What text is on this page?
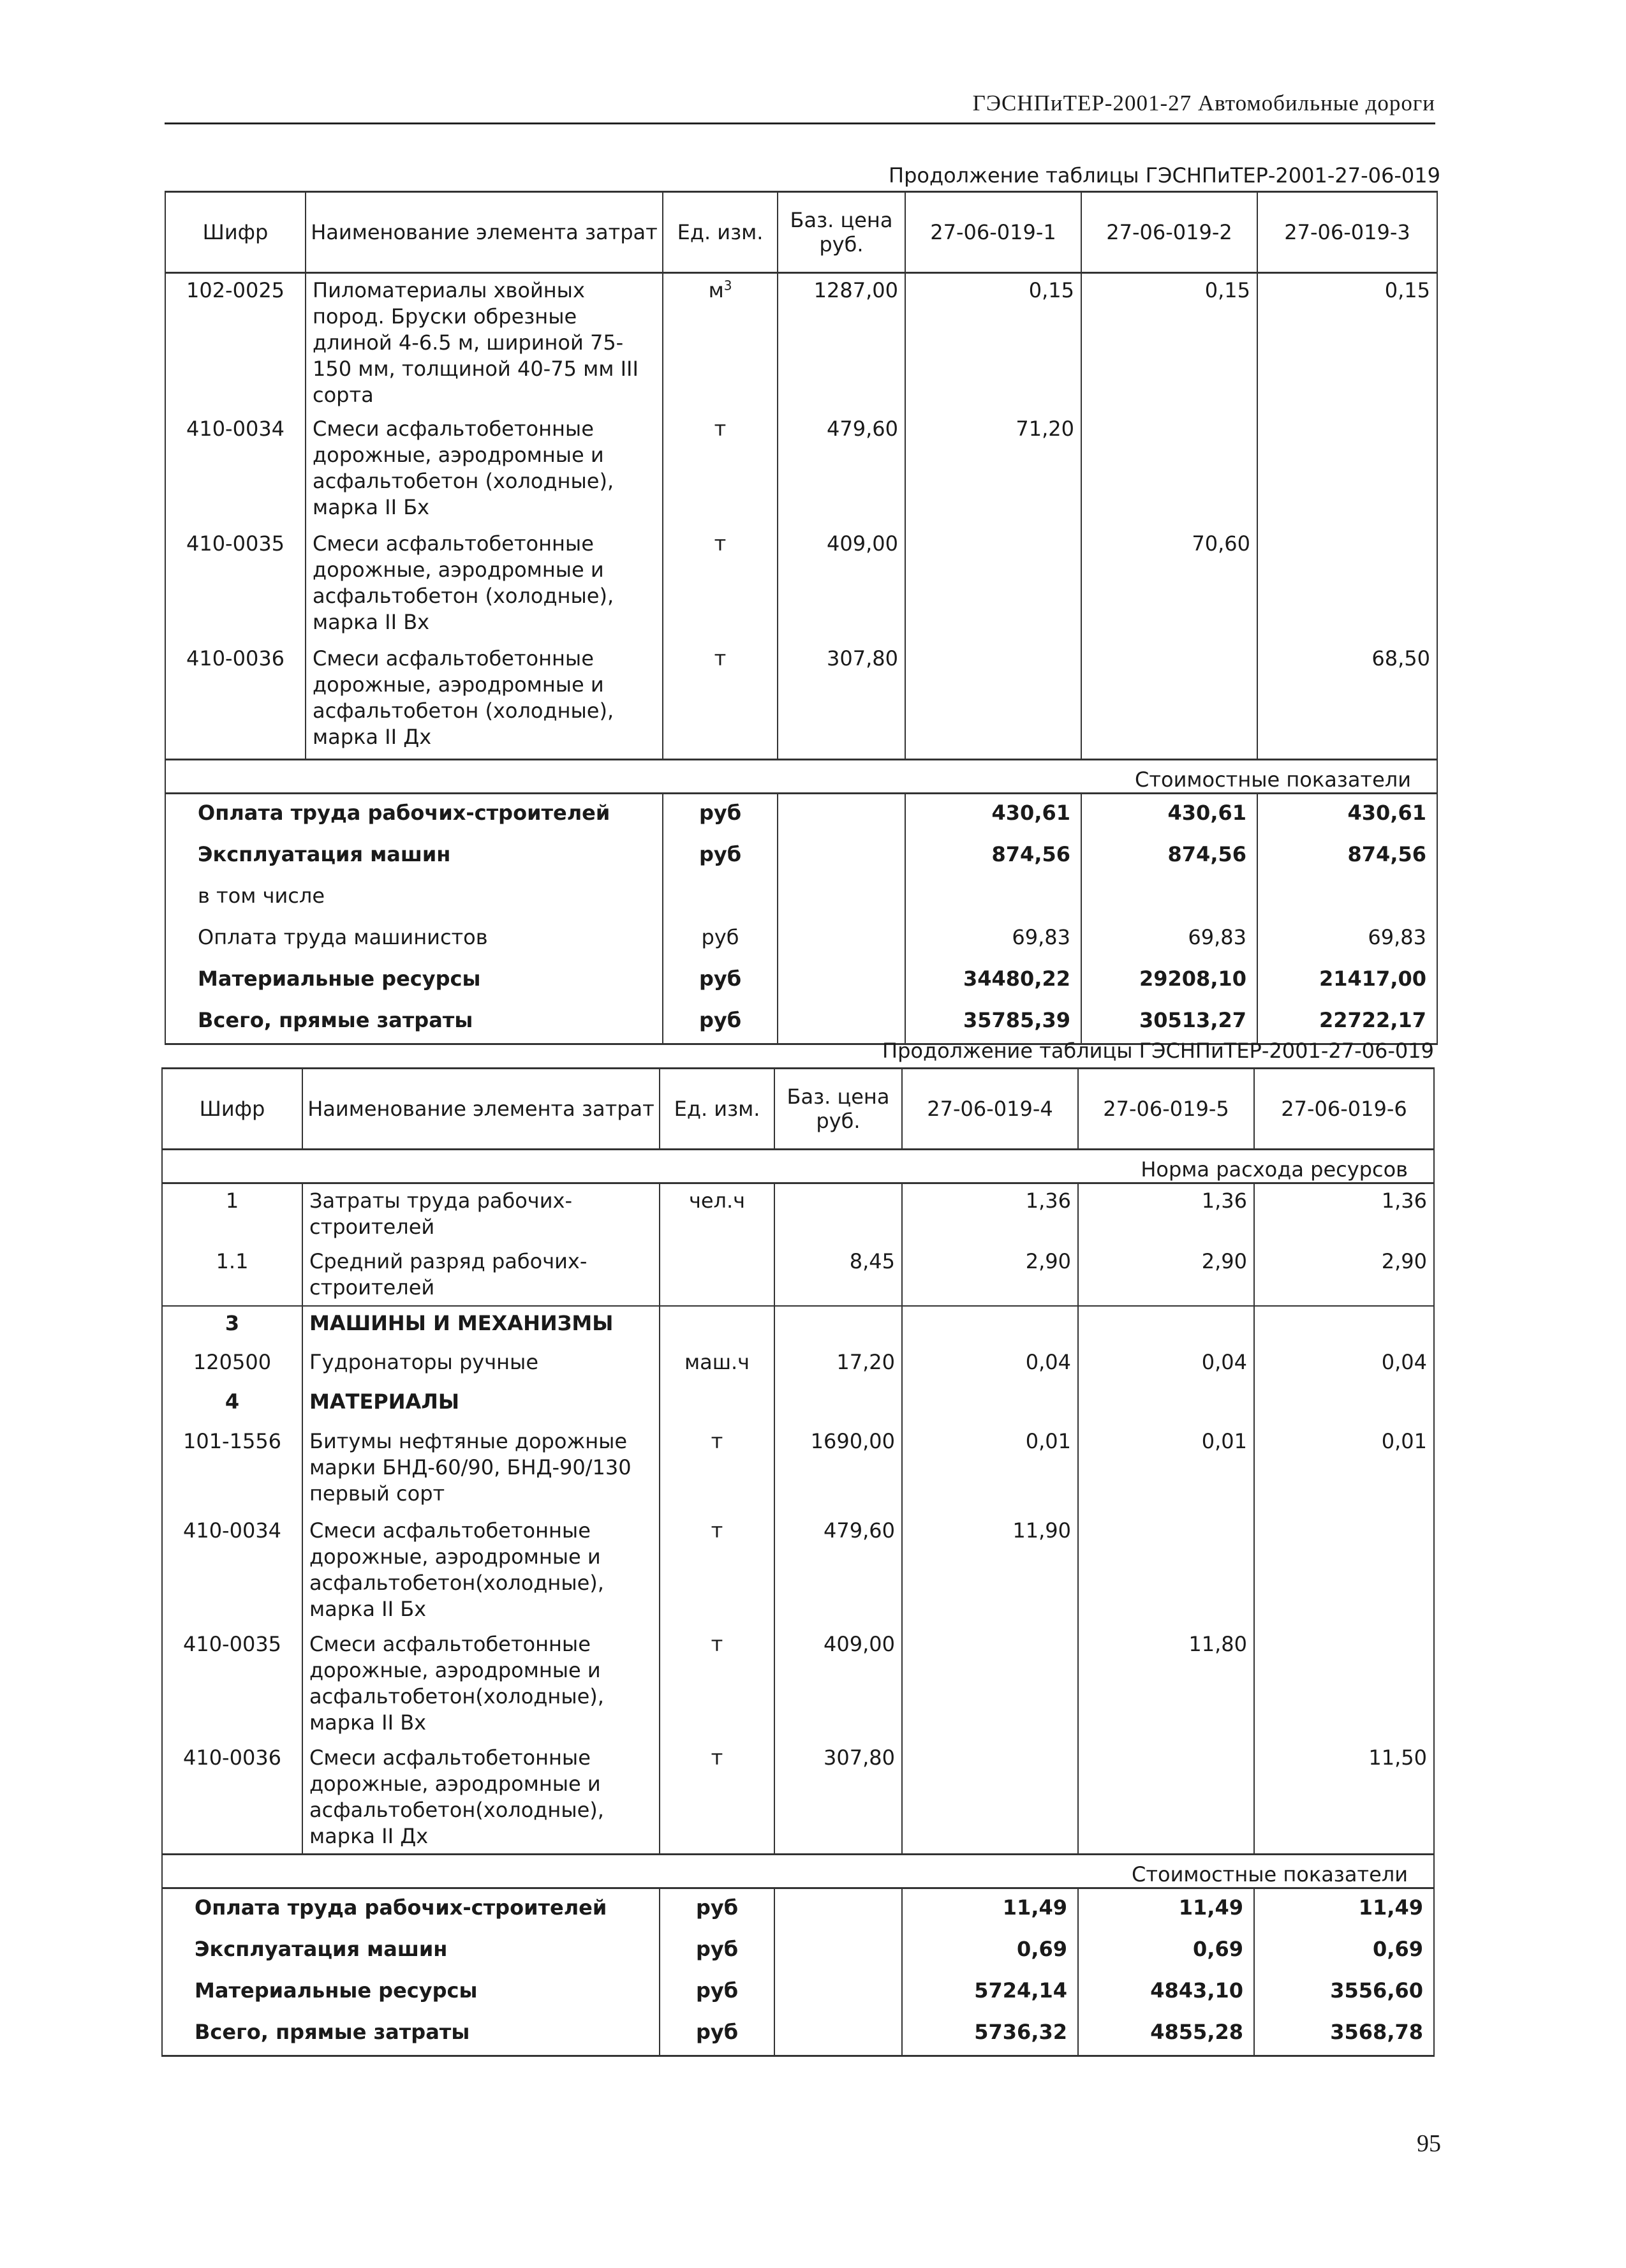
ГЭСНПиТЕР-2001-27 Автомобильные дороги
Продолжение таблицы ГЭСНПиТЕР-2001-27-06-019
Шифр	Наименование элемента затрат	Ед. изм.	Баз. цена руб.	27-06-019-1	27-06-019-2	27-06-019-3
102-0025	Пиломатериалы хвойных пород. Бруски обрезные длиной 4-6.5 м, шириной 75-150 мм, толщиной 40-75 мм III сорта	$м^3$	1287,00	0,15	0,15	0,15
410-0034	Смеси асфальтобетонные дорожные, аэродромные и асфальтобетон (холодные), марка II Бх	т	479,60	71,20		
410-0035	Смеси асфальтобетонные дорожные, аэродромные и асфальтобетон (холодные), марка II Вх	т	409,00		70,60	
410-0036	Смеси асфальтобетонные дорожные, аэродромные и асфальтобетон (холодные), марка II Дх	т	307,80			68,50
Стоимостные показатели						
Оплата труда рабочих-строителей		руб		430,61	430,61	430,61
Эксплуатация машин		руб		874,56	874,56	874,56
в том числе						
Оплата труда машинистов		руб		69,83	69,83	69,83
Материальные ресурсы		руб		34480,22	29208,10	21417,00
Всего, прямые затраты		руб		35785,39	30513,27	22722,17
Продолжение таблицы ГЭСНПиТЕР-2001-27-06-019
Шифр	Наименование элемента затрат	Ед. изм.	Баз. цена руб.	27-06-019-4	27-06-019-5	27-06-019-6
Норма расхода ресурсов						
1	Затраты труда рабочих-строителей	чел.ч		1,36	1,36	1,36
1.1	Средний разряд рабочих-строителей		8,45	2,90	2,90	2,90
3	МАШИНЫ И МЕХАНИЗМЫ					
120500	Гудронаторы ручные	маш.ч	17,20	0,04	0,04	0,04
4	МАТЕРИАЛЫ					
101-1556	Битумы нефтяные дорожные марки БНД-60/90, БНД-90/130 первый сорт	т	1690,00	0,01	0,01	0,01
410-0034	Смеси асфальтобетонные дорожные, аэродромные и асфальтобетон(холодные), марка II Бх	т	479,60	11,90		
410-0035	Смеси асфальтобетонные дорожные, аэродромные и асфальтобетон(холодные), марка II Вх	т	409,00		11,80	
410-0036	Смеси асфальтобетонные дорожные, аэродромные и асфальтобетон(холодные), марка II Дх	т	307,80			11,50
Стоимостные показатели						
Оплата труда рабочих-строителей		руб		11,49	11,49	11,49
Эксплуатация машин		руб		0,69	0,69	0,69
Материальные ресурсы		руб		5724,14	4843,10	3556,60
Всего, прямые затраты		руб		5736,32	4855,28	3568,78
95
